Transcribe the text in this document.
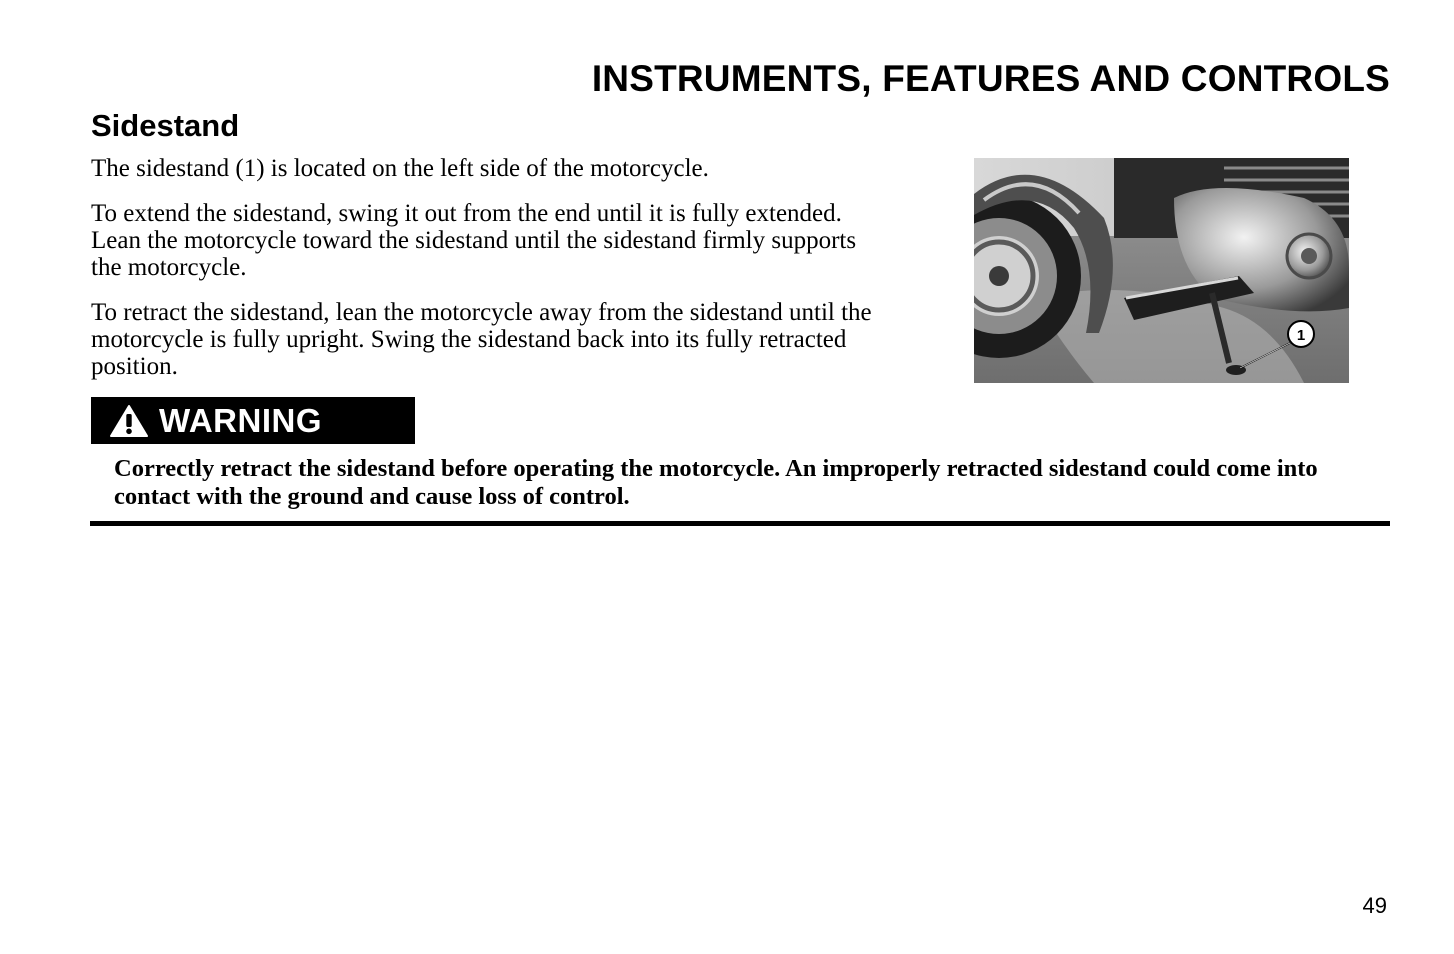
INSTRUMENTS, FEATURES AND CONTROLS
Sidestand

The sidestand (1) is located on the left side of the motorcycle.

To extend the sidestand, swing it out from the end until it is fully extended. Lean the motorcycle toward the sidestand until the sidestand firmly supports the motorcycle.

To retract the sidestand, lean the motorcycle away from the sidestand until the motorcycle is fully upright. Swing the sidestand back into its fully retracted position.

1
WARNING

Correctly retract the sidestand before operating the motorcycle. An improperly retracted sidestand could come into contact with the ground and cause loss of control.

49
